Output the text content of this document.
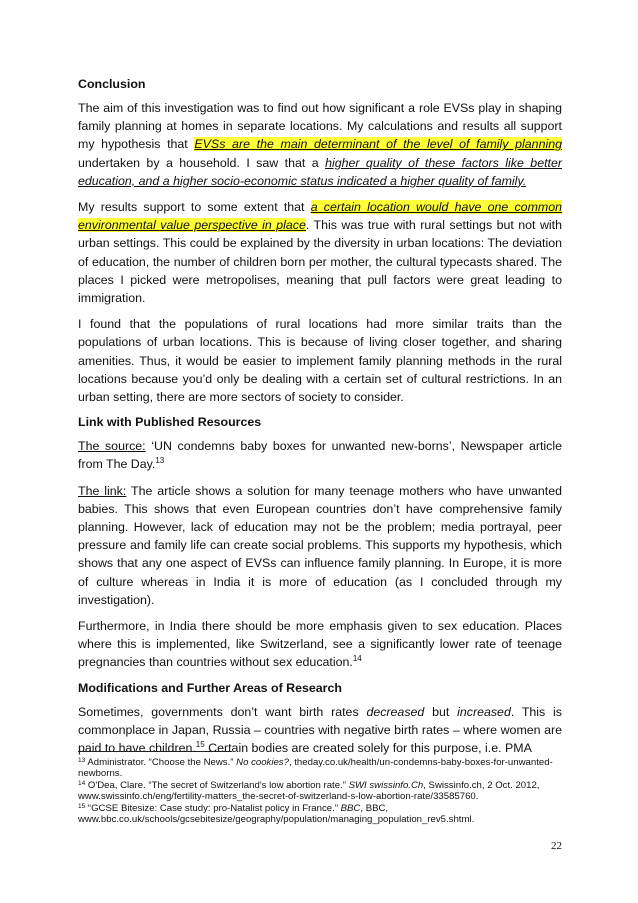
Conclusion

The aim of this investigation was to find out how significant a role EVSs play in shaping family planning at homes in separate locations. My calculations and results all support my hypothesis that EVSs are the main determinant of the level of family planning undertaken by a household. I saw that a higher quality of these factors like better education, and a higher socio-economic status indicated a higher quality of family.

My results support to some extent that a certain location would have one common environmental value perspective in place. This was true with rural settings but not with urban settings. This could be explained by the diversity in urban locations: The deviation of education, the number of children born per mother, the cultural typecasts shared. The places I picked were metropolises, meaning that pull factors were great leading to immigration.

I found that the populations of rural locations had more similar traits than the populations of urban locations. This is because of living closer together, and sharing amenities. Thus, it would be easier to implement family planning methods in the rural locations because you’d only be dealing with a certain set of cultural restrictions. In an urban setting, there are more sectors of society to consider.

Link with Published Resources

The source: ‘UN condemns baby boxes for unwanted new-borns’, Newspaper article from The Day.$^{13}$

The link: The article shows a solution for many teenage mothers who have unwanted babies. This shows that even European countries don’t have comprehensive family planning. However, lack of education may not be the problem; media portrayal, peer pressure and family life can create social problems. This supports my hypothesis, which shows that any one aspect of EVSs can influence family planning. In Europe, it is more of culture whereas in India it is more of education (as I concluded through my investigation).

Furthermore, in India there should be more emphasis given to sex education. Places where this is implemented, like Switzerland, see a significantly lower rate of teenage pregnancies than countries without sex education.$^{14}$

Modifications and Further Areas of Research

Sometimes, governments don’t want birth rates decreased but increased. This is commonplace in Japan, Russia – countries with negative birth rates – where women are paid to have children.$^{15}$ Certain bodies are created solely for this purpose, i.e. PMA

$^{13}$ Administrator. “Choose the News.” No cookies?, theday.co.uk/health/un-condemns-baby-boxes-for-unwanted-newborns.

$^{14}$ O'Dea, Clare. “The secret of Switzerland's low abortion rate.” SWI swissinfo.Ch, Swissinfo.ch, 2 Oct. 2012, www.swissinfo.ch/eng/fertility-matters_the-secret-of-switzerland-s-low-abortion-rate/33585760.

$^{15}$ “GCSE Bitesize: Case study: pro-Natalist policy in France.” BBC, BBC, www.bbc.co.uk/schools/gcsebitesize/geography/population/managing_population_rev5.shtml.

22
